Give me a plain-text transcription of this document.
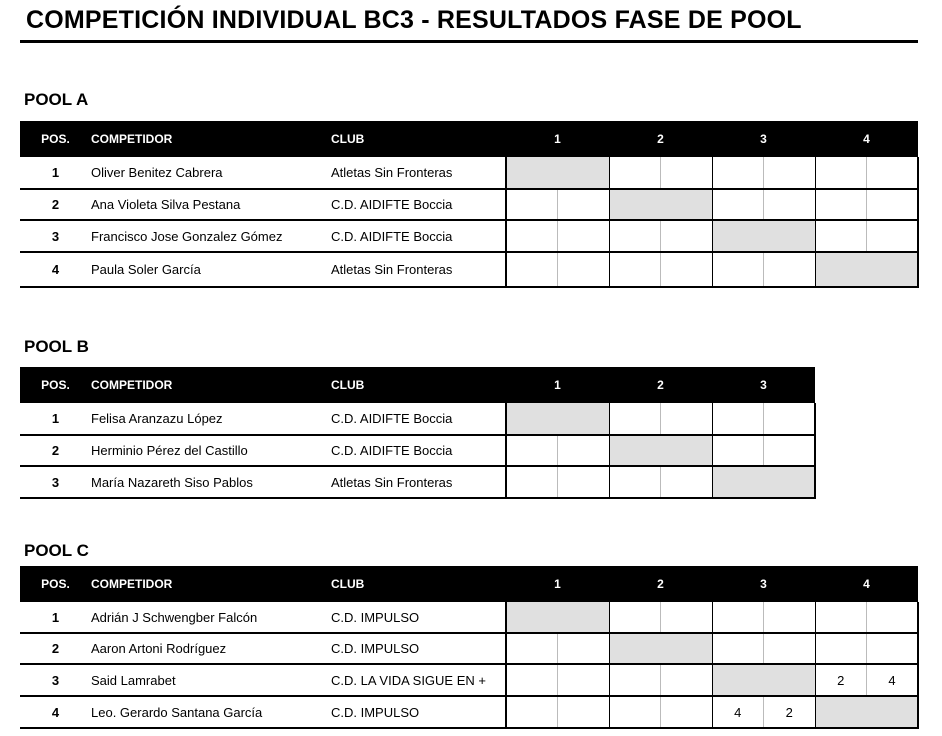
COMPETICIÓN INDIVIDUAL BC3 - RESULTADOS FASE DE POOL
POOL A
POS.	COMPETIDOR	CLUB	1		2		3		4	
1	Oliver Benitez Cabrera	Atletas Sin Fronteras								
2	Ana Violeta Silva Pestana	C.D. AIDIFTE Boccia								
3	Francisco Jose Gonzalez Gómez	C.D. AIDIFTE Boccia								
4	Paula Soler García	Atletas Sin Fronteras								
POOL B
POS.	COMPETIDOR	CLUB	1		2		3	
1	Felisa Aranzazu López	C.D. AIDIFTE Boccia						
2	Herminio Pérez del Castillo	C.D. AIDIFTE Boccia						
3	María Nazareth Siso Pablos	Atletas Sin Fronteras						
POOL C
POS.	COMPETIDOR	CLUB	1		2		3		4	
1	Adrián J Schwengber Falcón	C.D. IMPULSO								
2	Aaron Artoni Rodríguez	C.D. IMPULSO								
3	Said Lamrabet	C.D. LA VIDA SIGUE EN +							2	4
4	Leo. Gerardo Santana García	C.D. IMPULSO					4	2		
